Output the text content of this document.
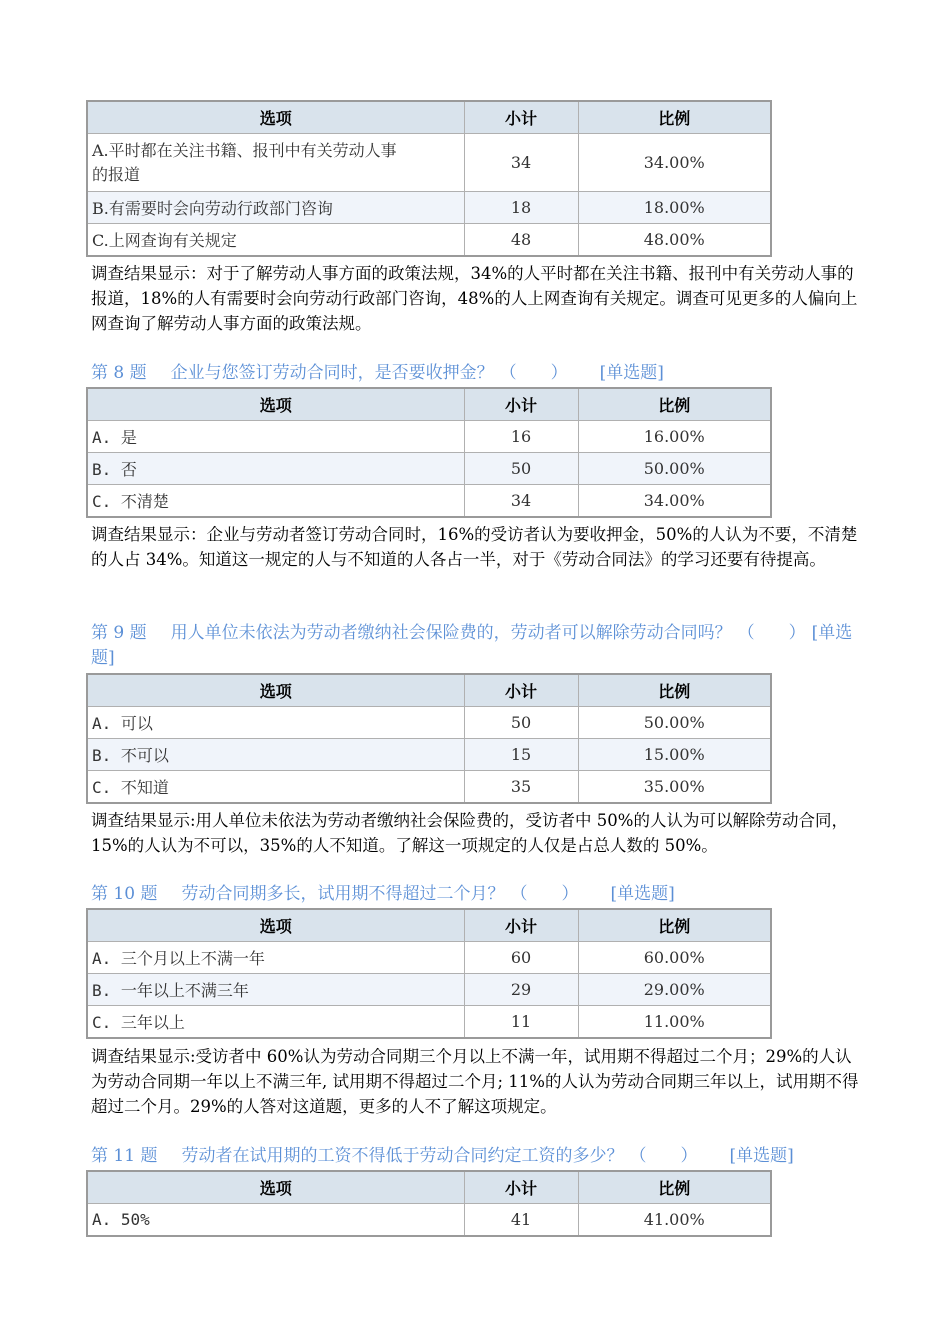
选项	小计	比例
A.平时都在关注书籍、报刊中有关劳动人事
的报道	34	34.00%
B.有需要时会向劳动行政部门咨询	18	18.00%
C.上网查询有关规定	48	48.00%

调查结果显示：对于了解劳动人事方面的政策法规，34%的人平时都在关注书籍、报刊中有关劳动人事的报道，18%的人有需要时会向劳动行政部门咨询，48%的人上网查询有关规定。调查可见更多的人偏向上网查询了解劳动人事方面的政策法规。

第 8 题 企业与您签订劳动合同时，是否要收押金？ （　　） [单选题]

选项	小计	比例
A. 是	16	16.00%
B. 否	50	50.00%
C. 不清楚	34	34.00%

调查结果显示：企业与劳动者签订劳动合同时，16%的受访者认为要收押金，50%的人认为不要，不清楚的人占 34%。知道这一规定的人与不知道的人各占一半，对于《劳动合同法》的学习还要有待提高。

第 9 题 用人单位未依法为劳动者缴纳社会保险费的，劳动者可以解除劳动合同吗？ （　　） [单选题]

选项	小计	比例
A. 可以	50	50.00%
B. 不可以	15	15.00%
C. 不知道	35	35.00%

调查结果显示:用人单位未依法为劳动者缴纳社会保险费的，受访者中 50%的人认为可以解除劳动合同，15%的人认为不可以，35%的人不知道。了解这一项规定的人仅是占总人数的 50%。

第 10 题 劳动合同期多长，试用期不得超过二个月？ （　　） [单选题]

选项	小计	比例
A. 三个月以上不满一年	60	60.00%
B. 一年以上不满三年	29	29.00%
C. 三年以上	11	11.00%

调查结果显示:受访者中 60%认为劳动合同期三个月以上不满一年，试用期不得超过二个月；29%的人认为劳动合同期一年以上不满三年, 试用期不得超过二个月; 11%的人认为劳动合同期三年以上，试用期不得超过二个月。29%的人答对这道题，更多的人不了解这项规定。

第 11 题 劳动者在试用期的工资不得低于劳动合同约定工资的多少？ （　　） [单选题]

选项	小计	比例
A. 50%	41	41.00%
